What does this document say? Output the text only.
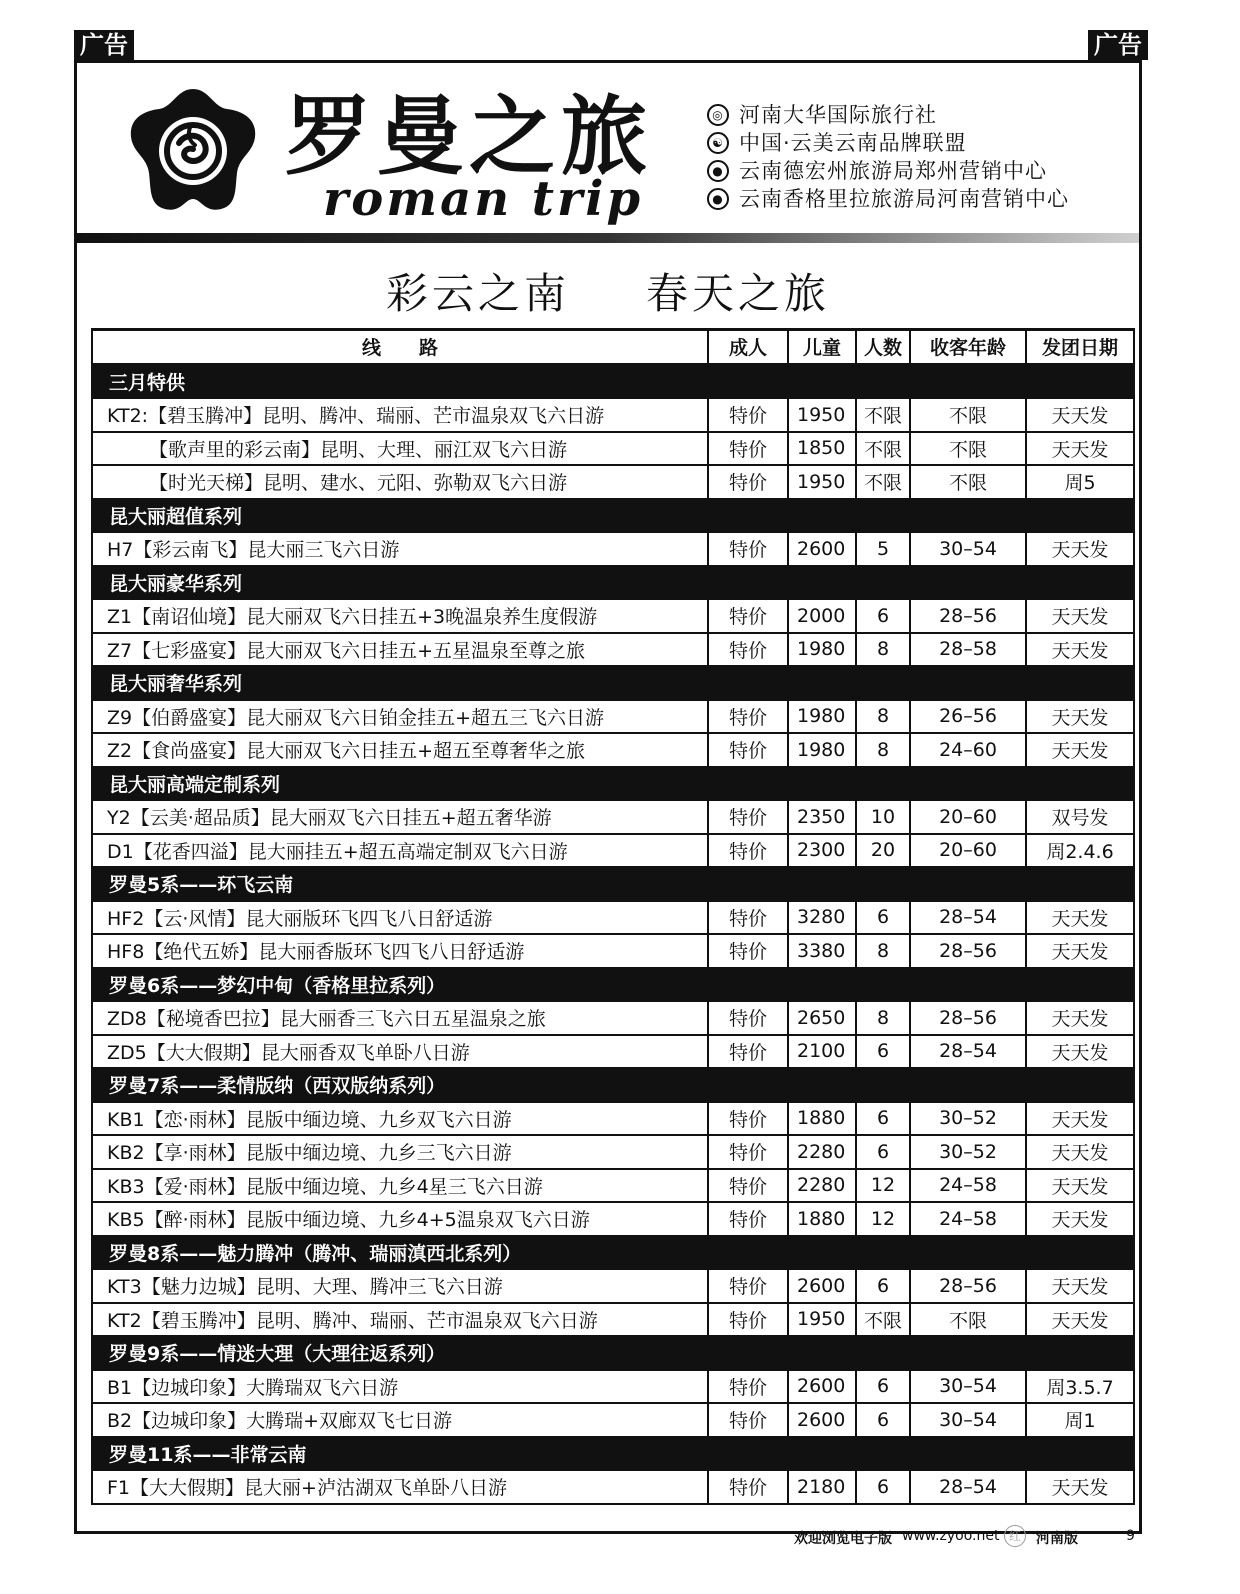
广告	广告
罗曼之旅
roman trip
◎ 河南大华国际旅行社
☯ 中国·云美云南品牌联盟
● 云南德宏州旅游局郑州营销中心
● 云南香格里拉旅游局河南营销中心
彩云之南 春天之旅
线　　路	成人	儿童	人数	收客年龄	发团日期
三月特供					
KT2:【碧玉腾冲】昆明、腾冲、瑞丽、芒市温泉双飞六日游	特价	1950	不限	不限	天天发
【歌声里的彩云南】昆明、大理、丽江双飞六日游	特价	1850	不限	不限	天天发
【时光天梯】昆明、建水、元阳、弥勒双飞六日游	特价	1950	不限	不限	周5
昆大丽超值系列					
H7【彩云南飞】昆大丽三飞六日游	特价	2600	5	30–54	天天发
昆大丽豪华系列					
Z1【南诏仙境】昆大丽双飞六日挂五+3晚温泉养生度假游	特价	2000	6	28–56	天天发
Z7【七彩盛宴】昆大丽双飞六日挂五+五星温泉至尊之旅	特价	1980	8	28–58	天天发
昆大丽奢华系列					
Z9【伯爵盛宴】昆大丽双飞六日铂金挂五+超五三飞六日游	特价	1980	8	26–56	天天发
Z2【食尚盛宴】昆大丽双飞六日挂五+超五至尊奢华之旅	特价	1980	8	24–60	天天发
昆大丽高端定制系列					
Y2【云美·超品质】昆大丽双飞六日挂五+超五奢华游	特价	2350	10	20–60	双号发
D1【花香四溢】昆大丽挂五+超五高端定制双飞六日游	特价	2300	20	20–60	周2.4.6
罗曼5系——环飞云南					
HF2【云·风情】昆大丽版环飞四飞八日舒适游	特价	3280	6	28–54	天天发
HF8【绝代五娇】昆大丽香版环飞四飞八日舒适游	特价	3380	8	28–56	天天发
罗曼6系——梦幻中甸（香格里拉系列）					
ZD8【秘境香巴拉】昆大丽香三飞六日五星温泉之旅	特价	2650	8	28–56	天天发
ZD5【大大假期】昆大丽香双飞单卧八日游	特价	2100	6	28–54	天天发
罗曼7系——柔情版纳（西双版纳系列）					
KB1【恋·雨林】昆版中缅边境、九乡双飞六日游	特价	1880	6	30–52	天天发
KB2【享·雨林】昆版中缅边境、九乡三飞六日游	特价	2280	6	30–52	天天发
KB3【爱·雨林】昆版中缅边境、九乡4星三飞六日游	特价	2280	12	24–58	天天发
KB5【醉·雨林】昆版中缅边境、九乡4+5温泉双飞六日游	特价	1880	12	24–58	天天发
罗曼8系——魅力腾冲（腾冲、瑞丽滇西北系列）					
KT3【魅力边城】昆明、大理、腾冲三飞六日游	特价	2600	6	28–56	天天发
KT2【碧玉腾冲】昆明、腾冲、瑞丽、芒市温泉双飞六日游	特价	1950	不限	不限	天天发
罗曼9系——情迷大理（大理往返系列）					
B1【边城印象】大腾瑞双飞六日游	特价	2600	6	30–54	周3.5.7
B2【边城印象】大腾瑞+双廊双飞七日游	特价	2600	6	30–54	周1
罗曼11系——非常云南					
F1【大大假期】昆大丽+泸沽湖双飞单卧八日游	特价	2180	6	28–54	天天发
欢迎浏览电子版 www.zyoo.net 红	河南版	9
